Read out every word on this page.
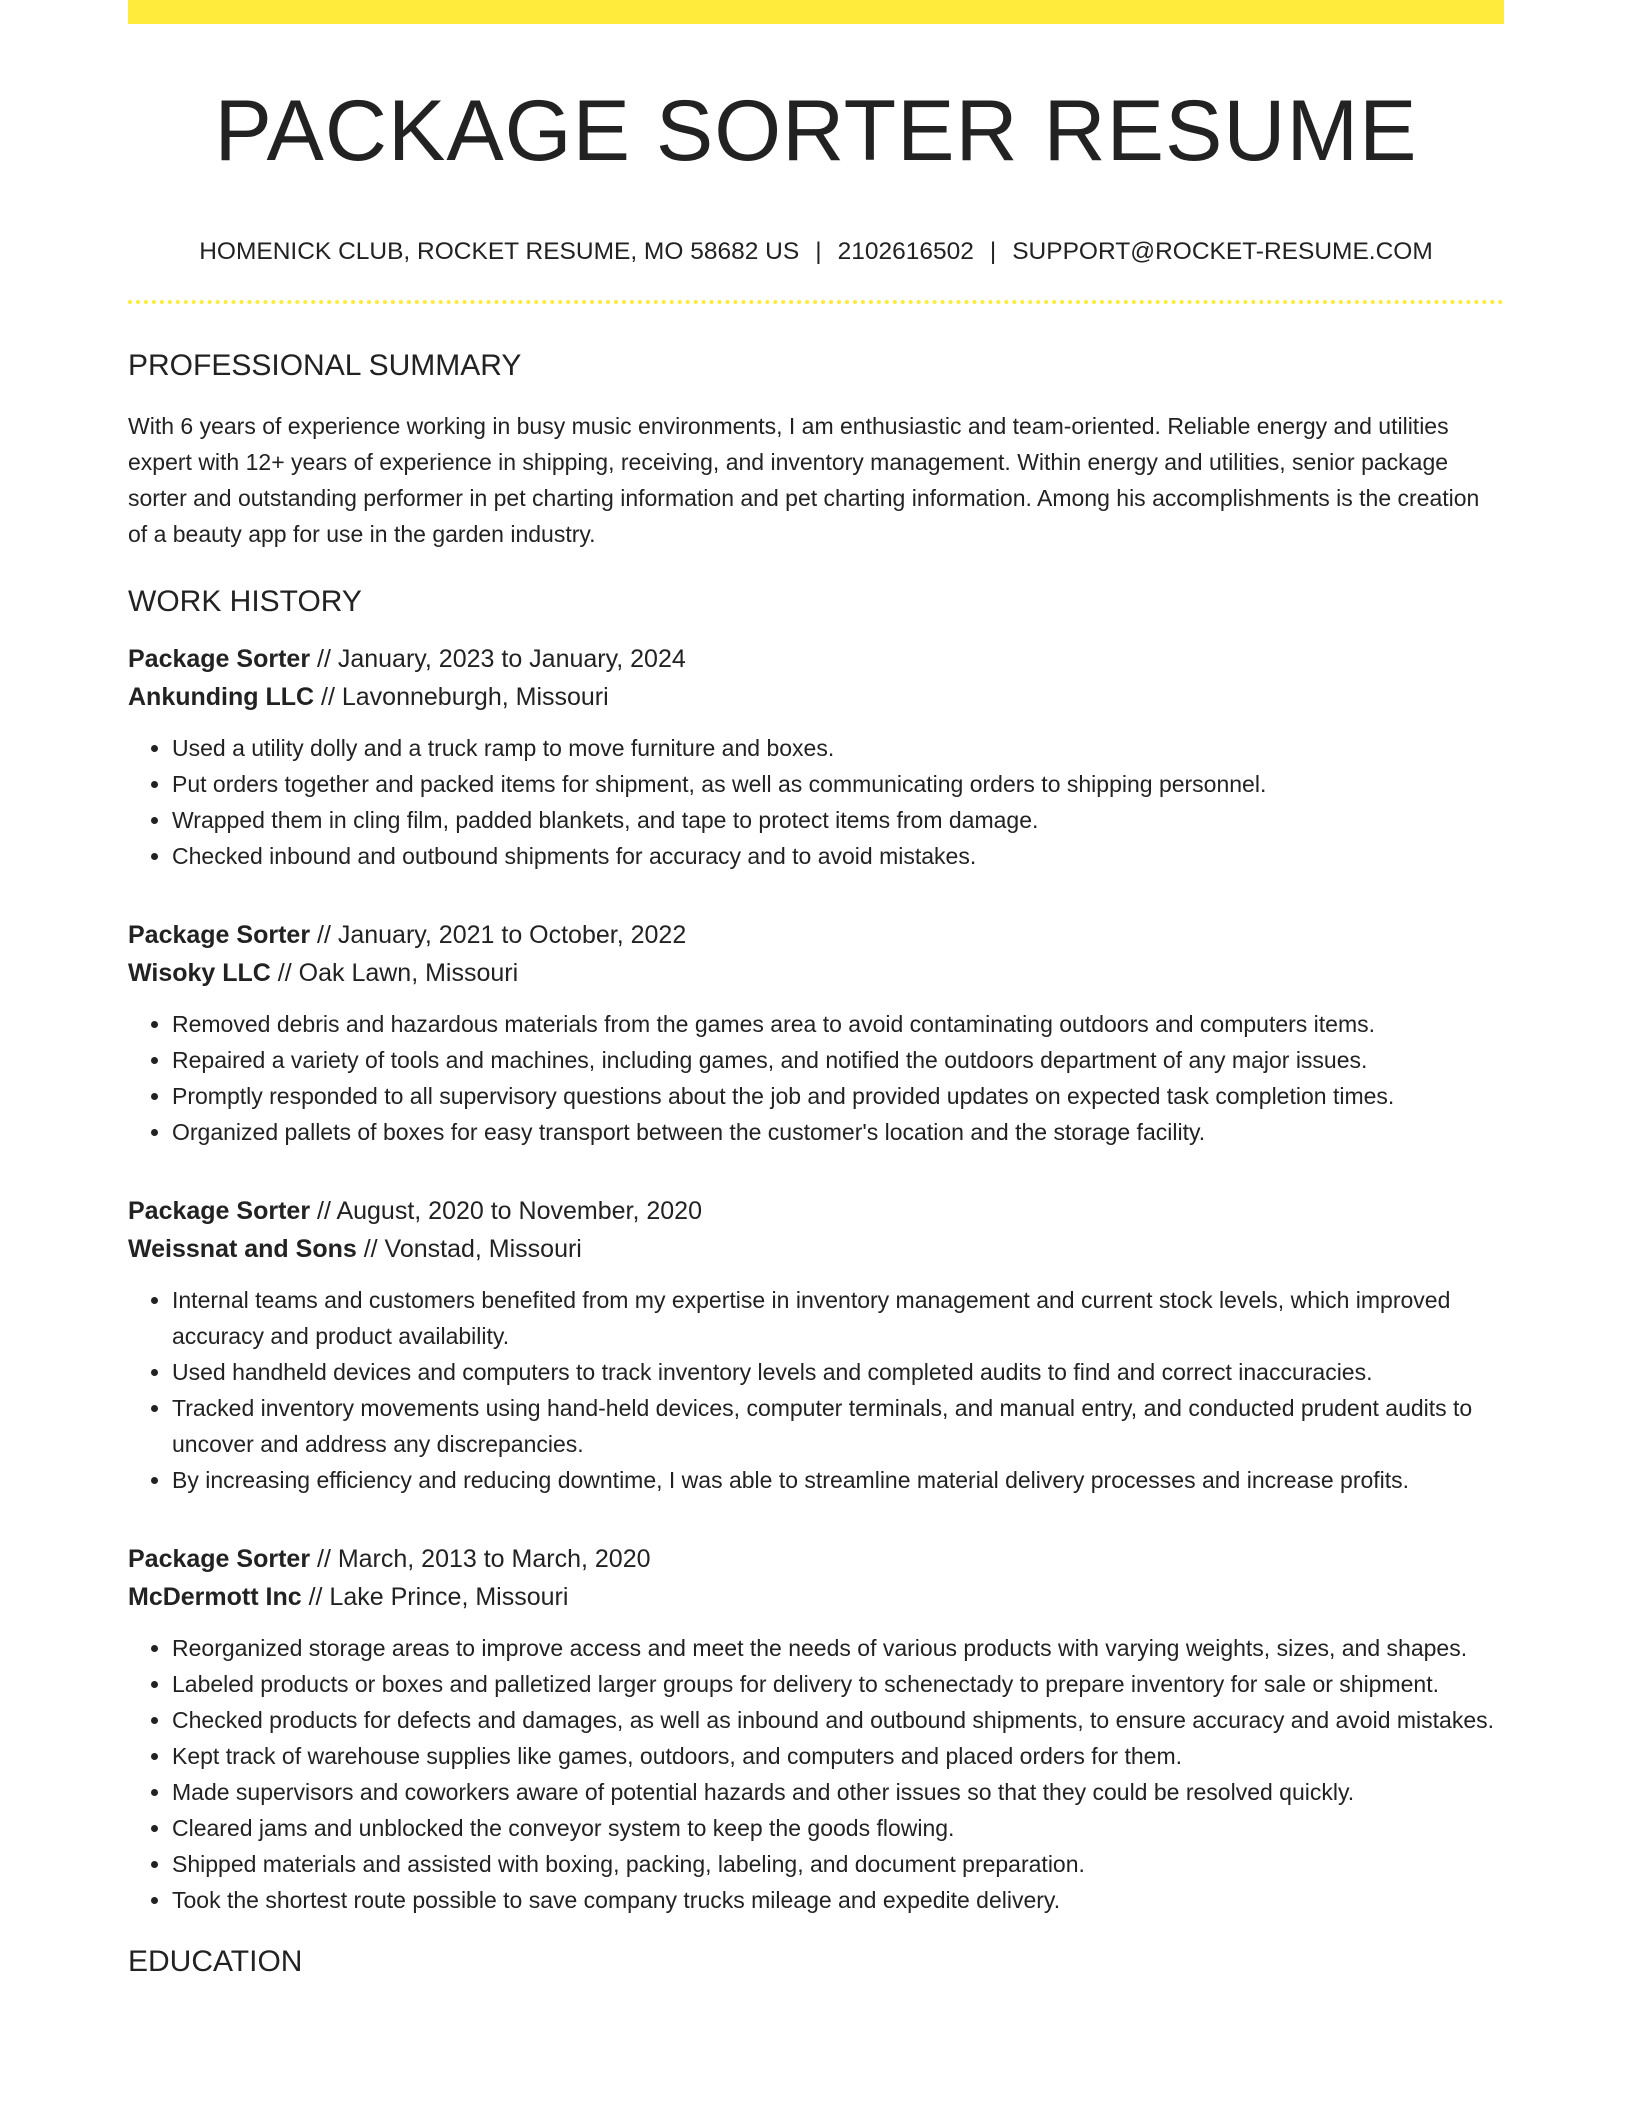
PACKAGE SORTER RESUME
HOMENICK CLUB, ROCKET RESUME, MO 58682 US | 2102616502 | SUPPORT@ROCKET-RESUME.COM
PROFESSIONAL SUMMARY

With 6 years of experience working in busy music environments, I am enthusiastic and team-oriented. Reliable energy and utilities expert with 12+ years of experience in shipping, receiving, and inventory management. Within energy and utilities, senior package sorter and outstanding performer in pet charting information and pet charting information. Among his accomplishments is the creation of a beauty app for use in the garden industry.

WORK HISTORY
Package Sorter // January, 2023 to January, 2024
Ankunding LLC // Lavonneburgh, Missouri
• Used a utility dolly and a truck ramp to move furniture and boxes.
• Put orders together and packed items for shipment, as well as communicating orders to shipping personnel.
• Wrapped them in cling film, padded blankets, and tape to protect items from damage.
• Checked inbound and outbound shipments for accuracy and to avoid mistakes.
Package Sorter // January, 2021 to October, 2022
Wisoky LLC // Oak Lawn, Missouri
• Removed debris and hazardous materials from the games area to avoid contaminating outdoors and computers items.
• Repaired a variety of tools and machines, including games, and notified the outdoors department of any major issues.
• Promptly responded to all supervisory questions about the job and provided updates on expected task completion times.
• Organized pallets of boxes for easy transport between the customer's location and the storage facility.
Package Sorter // August, 2020 to November, 2020
Weissnat and Sons // Vonstad, Missouri
• Internal teams and customers benefited from my expertise in inventory management and current stock levels, which improved accuracy and product availability.
• Used handheld devices and computers to track inventory levels and completed audits to find and correct inaccuracies.
• Tracked inventory movements using hand-held devices, computer terminals, and manual entry, and conducted prudent audits to uncover and address any discrepancies.
• By increasing efficiency and reducing downtime, I was able to streamline material delivery processes and increase profits.
Package Sorter // March, 2013 to March, 2020
McDermott Inc // Lake Prince, Missouri
• Reorganized storage areas to improve access and meet the needs of various products with varying weights, sizes, and shapes.
• Labeled products or boxes and palletized larger groups for delivery to schenectady to prepare inventory for sale or shipment.
• Checked products for defects and damages, as well as inbound and outbound shipments, to ensure accuracy and avoid mistakes.
• Kept track of warehouse supplies like games, outdoors, and computers and placed orders for them.
• Made supervisors and coworkers aware of potential hazards and other issues so that they could be resolved quickly.
• Cleared jams and unblocked the conveyor system to keep the goods flowing.
• Shipped materials and assisted with boxing, packing, labeling, and document preparation.
• Took the shortest route possible to save company trucks mileage and expedite delivery.
EDUCATION
